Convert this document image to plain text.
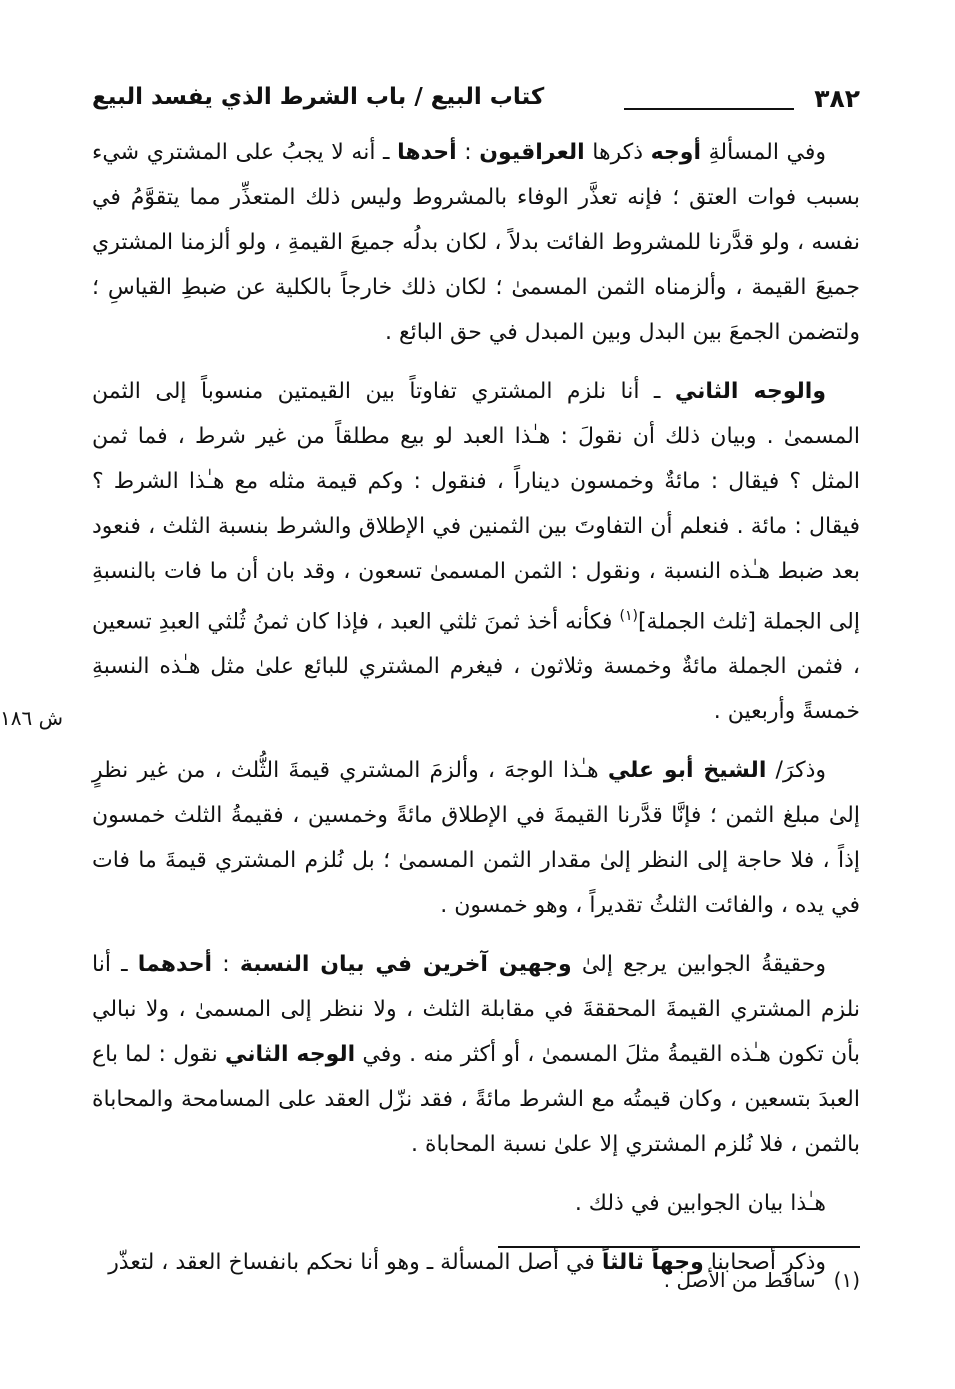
٣٨٢
كتاب البيع / باب الشرط الذي يفسد البيع
ش ١٨٦

وفي المسألةِ أوجه ذكرها العراقيون : أحدها ـ أنه لا يجبُ على المشتري شيء بسبب فوات العتق ؛ فإنه تعذَّر الوفاء بالمشروط وليس ذلك المتعذِّر مما يتقوَّمُ في نفسه ، ولو قدَّرنا للمشروط الفائت بدلاً ، لكان بدلُه جميعَ القيمةِ ، ولو ألزمنا المشتري جميعَ القيمة ، وألزمناه الثمن المسمىٰ ؛ لكان ذلك خارجاً بالكلية عن ضبطِ القياسِ ؛ ولتضمن الجمعَ بين البدل وبين المبدل في حق البائع .

والوجه الثاني ـ أنا نلزم المشتري تفاوتاً بين القيمتين منسوباً إلى الثمن المسمىٰ . وبيان ذلك أن نقولَ : هـٰذا العبد لو بيع مطلقاً من غير شرط ، فما ثمن المثل ؟ فيقال : مائةٌ وخمسون ديناراً ، فنقول : وكم قيمة مثله مع هـٰذا الشرط ؟ فيقال : مائة . فنعلم أن التفاوتَ بين الثمنين في الإطلاق والشرط بنسبة الثلث ، فنعود بعد ضبط هـٰذه النسبة ، ونقول : الثمن المسمىٰ تسعون ، وقد بان أن ما فات بالنسبةِ إلى الجملة [ثلث الجملة]$^{(١)}$ فكأنه أخذ ثمنَ ثلثي العبد ، فإذا كان ثمنُ ثُلثي العبدِ تسعين ، فثمن الجملة مائةٌ وخمسة وثلاثون ، فيغرم المشتري للبائع علىٰ مثل هـٰذه النسبةِ خمسةً وأربعين .

وذكرَ/ الشيخ أبو علي هـٰذا الوجهَ ، وألزمَ المشتري قيمةَ الثُّلث ، من غير نظرٍ إلىٰ مبلغ الثمن ؛ فإنَّا قدَّرنا القيمةَ في الإطلاق مائةً وخمسين ، فقيمةُ الثلث خمسون إذاً ، فلا حاجة إلى النظر إلىٰ مقدار الثمن المسمىٰ ؛ بل نُلزم المشتري قيمةَ ما فات في يده ، والفائت الثلثُ تقديراً ، وهو خمسون .

وحقيقةُ الجوابين يرجع إلىٰ وجهين آخرين في بيان النسبة : أحدهما ـ أنا نلزم المشتري القيمةَ المحققةَ في مقابلة الثلث ، ولا ننظر إلى المسمىٰ ، ولا نبالي بأن تكون هـٰذه القيمةُ مثلَ المسمىٰ ، أو أكثر منه . وفي الوجه الثاني نقول : لما باع العبدَ بتسعين ، وكان قيمتُه مع الشرط مائةً ، فقد نزّل العقد على المسامحة والمحاباة بالثمن ، فلا نُلزم المشتري إلا علىٰ نسبة المحاباة .

هـٰذا بيان الجوابين في ذلك .

وذكر أصحابنا وجهاً ثالثاً في أصل المسألة ـ وهو أنا نحكم بانفساخ العقد ، لتعذّر

(١)ساقط من الأصل .
